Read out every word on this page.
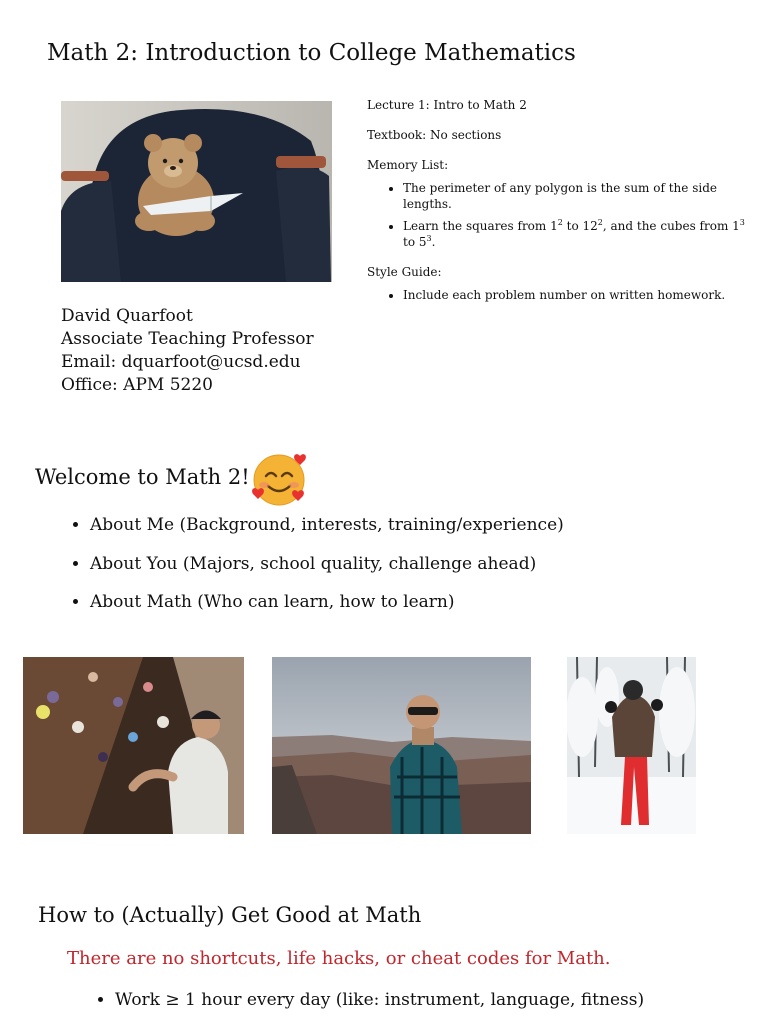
Math 2: Introduction to College Mathematics

Lecture 1: Intro to Math 2

Textbook: No sections

Memory List:

• The perimeter of any polygon is the sum of the side lengths.
• Learn the squares from $1^2$ to $12^2$, and the cubes from $1^3$ to $5^3$.

Style Guide:

• Include each problem number on written homework.
David Quarfoot
Associate Teaching Professor
Email: dquarfoot@ucsd.edu
Office: APM 5220
Welcome to Math 2!
• About Me (Background, interests, training/experience)
• About You (Majors, school quality, challenge ahead)
• About Math (Who can learn, how to learn)
How to (Actually) Get Good at Math
There are no shortcuts, life hacks, or cheat codes for Math.
• Work ≥ 1 hour every day (like: instrument, language, fitness)
